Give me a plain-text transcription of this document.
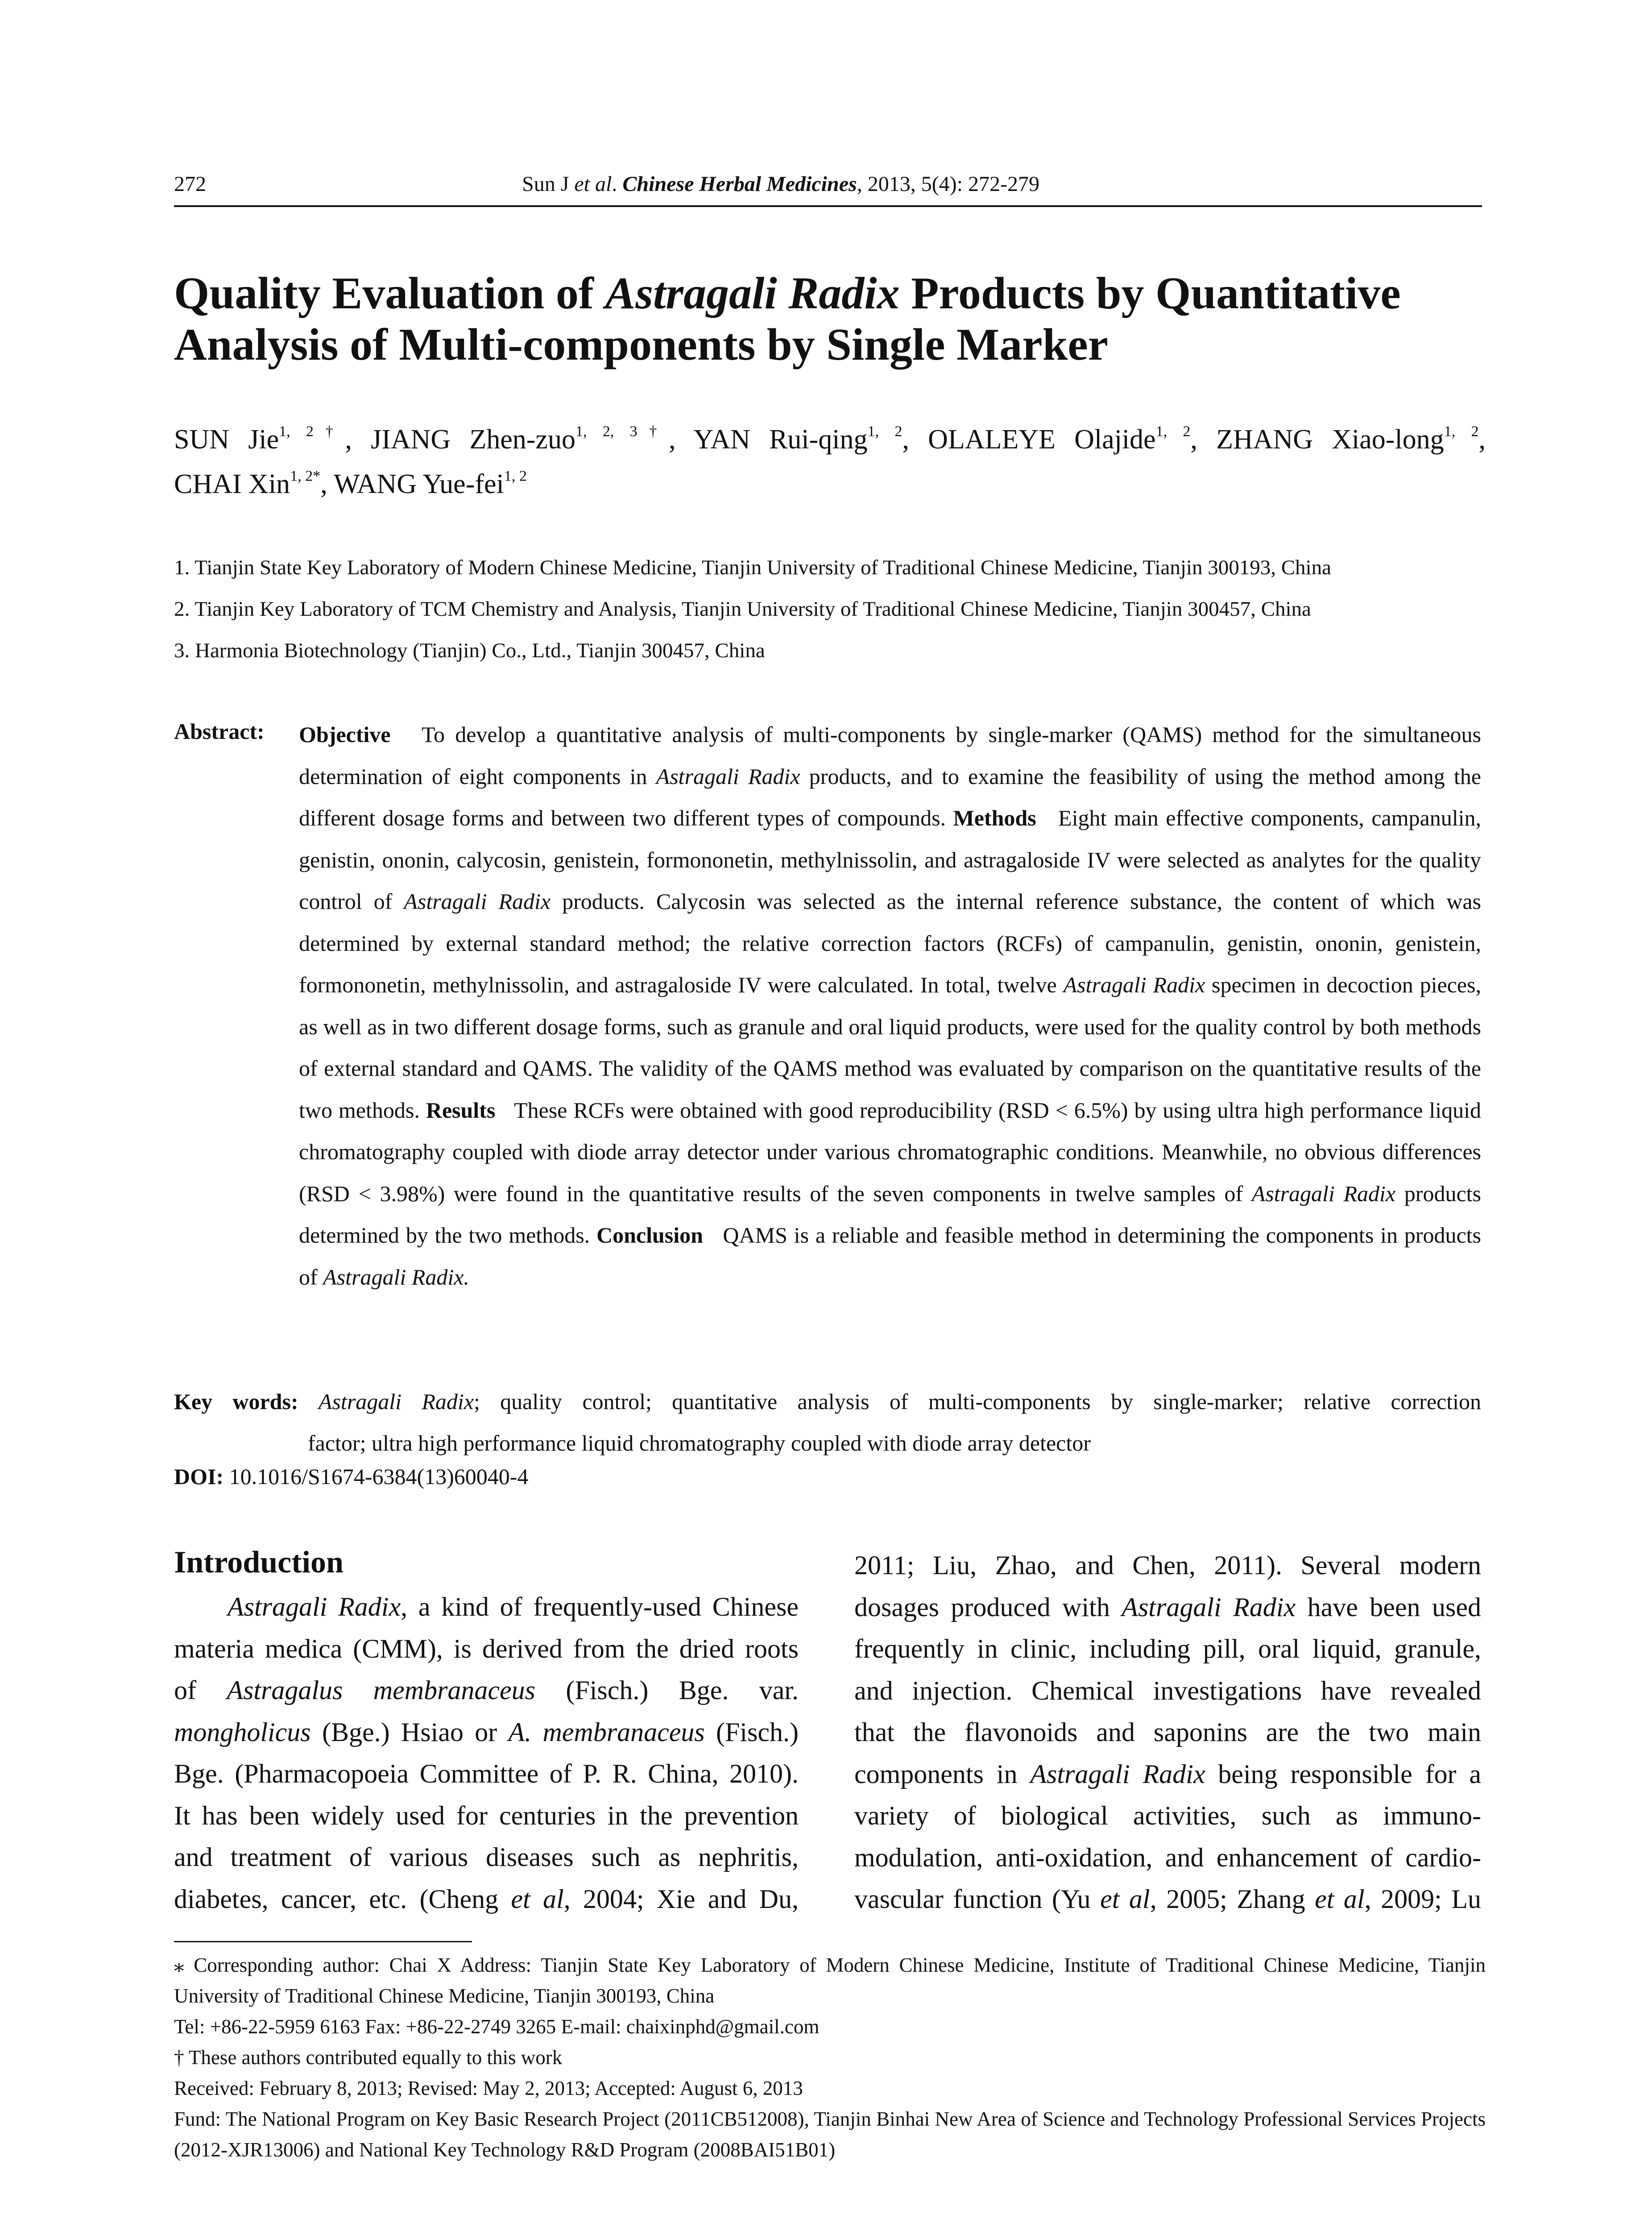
272	Sun J et al. Chinese Herbal Medicines, 2013, 5(4): 272-279
Quality Evaluation of Astragali Radix Products by Quantitative
Analysis of Multi-components by Single Marker
SUN Jie$^{1, 2\dagger}$, JIANG Zhen-zuo$^{1, 2, 3\dagger}$, YAN Rui-qing$^{1, 2}$, OLALEYE Olajide$^{1, 2}$, ZHANG Xiao-long$^{1, 2}$,
CHAI Xin$^{1, 2*}$, WANG Yue-fei$^{1, 2}$
1. Tianjin State Key Laboratory of Modern Chinese Medicine, Tianjin University of Traditional Chinese Medicine, Tianjin 300193, China
2. Tianjin Key Laboratory of TCM Chemistry and Analysis, Tianjin University of Traditional Chinese Medicine, Tianjin 300457, China
3. Harmonia Biotechnology (Tianjin) Co., Ltd., Tianjin 300457, China
Abstract: Objective To develop a quantitative analysis of multi-components by single-marker (QAMS) method for the simultaneous determination of eight components in Astragali Radix products, and to examine the feasibility of using the method among the different dosage forms and between two different types of compounds. Methods Eight main effective components, campanulin, genistin, ononin, calycosin, genistein, formononetin, methylnissolin, and astragaloside IV were selected as analytes for the quality control of Astragali Radix products. Calycosin was selected as the internal reference substance, the content of which was determined by external standard method; the relative correction factors (RCFs) of campanulin, genistin, ononin, genistein, formononetin, methylnissolin, and astragaloside IV were calculated. In total, twelve Astragali Radix specimen in decoction pieces, as well as in two different dosage forms, such as granule and oral liquid products, were used for the quality control by both methods of external standard and QAMS. The validity of the QAMS method was evaluated by comparison on the quantitative results of the two methods. Results These RCFs were obtained with good reproducibility (RSD < 6.5%) by using ultra high performance liquid chromatography coupled with diode array detector under various chromatographic conditions. Meanwhile, no obvious differences (RSD < 3.98%) were found in the quantitative results of the seven components in twelve samples of Astragali Radix products determined by the two methods. Conclusion QAMS is a reliable and feasible method in determining the components in products of Astragali Radix.
Key words: Astragali Radix; quality control; quantitative analysis of multi-components by single-marker; relative correction
factor; ultra high performance liquid chromatography coupled with diode array detector
DOI: 10.1016/S1674-6384(13)60040-4
Introduction
Astragali Radix, a kind of frequently-used Chinese
materia medica (CMM), is derived from the dried roots
of Astragalus membranaceus (Fisch.) Bge. var.
mongholicus (Bge.) Hsiao or A. membranaceus (Fisch.)
Bge. (Pharmacopoeia Committee of P. R. China, 2010).
It has been widely used for centuries in the prevention
and treatment of various diseases such as nephritis,
diabetes, cancer, etc. (Cheng et al, 2004; Xie and Du,
2011; Liu, Zhao, and Chen, 2011). Several modern
dosages produced with Astragali Radix have been used
frequently in clinic, including pill, oral liquid, granule,
and injection. Chemical investigations have revealed
that the flavonoids and saponins are the two main
components in Astragali Radix being responsible for a
variety of biological activities, such as immuno-
modulation, anti-oxidation, and enhancement of cardio-
vascular function (Yu et al, 2005; Zhang et al, 2009; Lu
⁎ Corresponding author: Chai X Address: Tianjin State Key Laboratory of Modern Chinese Medicine, Institute of Traditional Chinese Medicine, Tianjin University of Traditional Chinese Medicine, Tianjin 300193, China
Tel: +86-22-5959 6163 Fax: +86-22-2749 3265 E-mail: chaixinphd@gmail.com
† These authors contributed equally to this work
Received: February 8, 2013; Revised: May 2, 2013; Accepted: August 6, 2013
Fund: The National Program on Key Basic Research Project (2011CB512008), Tianjin Binhai New Area of Science and Technology Professional Services Projects (2012-XJR13006) and National Key Technology R&D Program (2008BAI51B01)
